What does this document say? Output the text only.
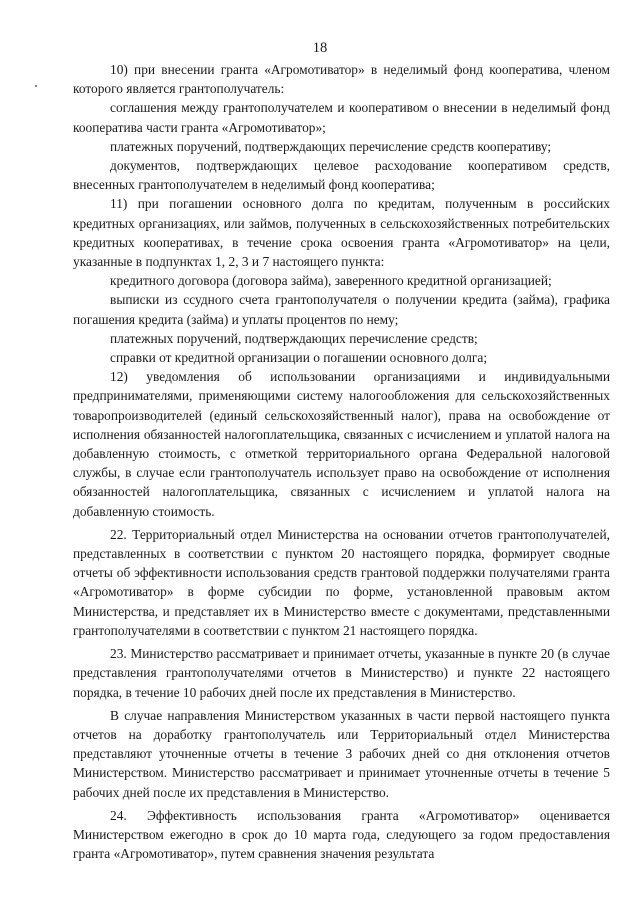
18

10) при внесении гранта «Агромотиватор» в неделимый фонд кооператива, членом которого является грантополучатель:

соглашения между грантополучателем и кооперативом о внесении в неделимый фонд кооператива части гранта «Агромотиватор»;

платежных поручений, подтверждающих перечисление средств кооперативу;

документов, подтверждающих целевое расходование кооперативом средств, внесенных грантополучателем в неделимый фонд кооператива;

11) при погашении основного долга по кредитам, полученным в российских кредитных организациях, или займов, полученных в сельскохозяйственных потребительских кредитных кооперативах, в течение срока освоения гранта «Агромотиватор» на цели, указанные в подпунктах 1, 2, 3 и 7 настоящего пункта:

кредитного договора (договора займа), заверенного кредитной организацией;

выписки из ссудного счета грантополучателя о получении кредита (займа), графика погашения кредита (займа) и уплаты процентов по нему;

платежных поручений, подтверждающих перечисление средств;

справки от кредитной организации о погашении основного долга;

12) уведомления об использовании организациями и индивидуальными предпринимателями, применяющими систему налогообложения для сельскохозяйственных товаропроизводителей (единый сельскохозяйственный налог), права на освобождение от исполнения обязанностей налогоплательщика, связанных с исчислением и уплатой налога на добавленную стоимость, с отметкой территориального органа Федеральной налоговой службы, в случае если грантополучатель использует право на освобождение от исполнения обязанностей налогоплательщика, связанных с исчислением и уплатой налога на добавленную стоимость.

22. Территориальный отдел Министерства на основании отчетов грантополучателей, представленных в соответствии с пунктом 20 настоящего порядка, формирует сводные отчеты об эффективности использования средств грантовой поддержки получателями гранта «Агромотиватор» в форме субсидии по форме, установленной правовым актом Министерства, и представляет их в Министерство вместе с документами, представленными грантополучателями в соответствии с пунктом 21 настоящего порядка.

23. Министерство рассматривает и принимает отчеты, указанные в пункте 20 (в случае представления грантополучателями отчетов в Министерство) и пункте 22 настоящего порядка, в течение 10 рабочих дней после их представления в Министерство.

В случае направления Министерством указанных в части первой настоящего пункта отчетов на доработку грантополучатель или Территориальный отдел Министерства представляют уточненные отчеты в течение 3 рабочих дней со дня отклонения отчетов Министерством. Министерство рассматривает и принимает уточненные отчеты в течение 5 рабочих дней после их представления в Министерство.

24. Эффективность использования гранта «Агромотиватор» оценивается Министерством ежегодно в срок до 10 марта года, следующего за годом предоставления гранта «Агромотиватор», путем сравнения значения результата
